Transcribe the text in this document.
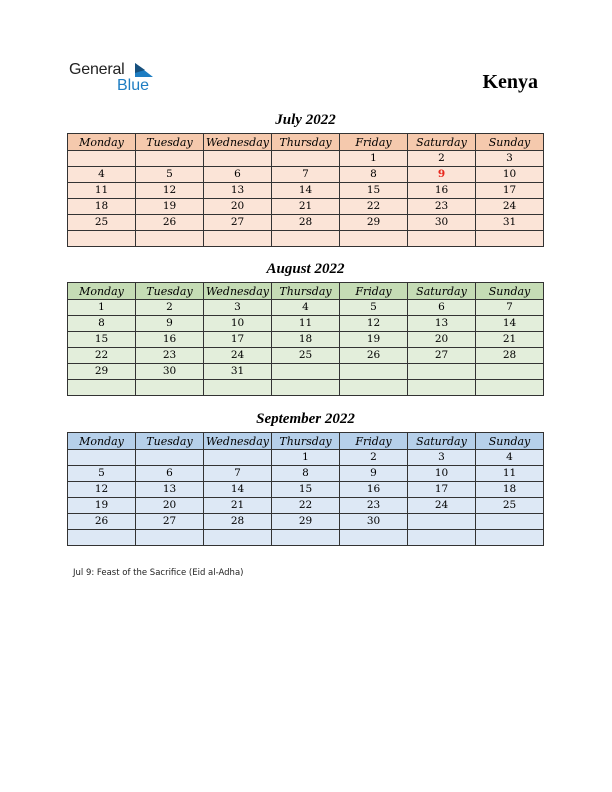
General
Blue	Kenya
July 2022
Monday	Tuesday	Wednesday	Thursday	Friday	Saturday	Sunday
				1	2	3
4	5	6	7	8	9	10
11	12	13	14	15	16	17
18	19	20	21	22	23	24
25	26	27	28	29	30	31

August 2022
Monday	Tuesday	Wednesday	Thursday	Friday	Saturday	Sunday
1	2	3	4	5	6	7
8	9	10	11	12	13	14
15	16	17	18	19	20	21
22	23	24	25	26	27	28
29	30	31				

September 2022
Monday	Tuesday	Wednesday	Thursday	Friday	Saturday	Sunday
			1	2	3	4
5	6	7	8	9	10	11
12	13	14	15	16	17	18
19	20	21	22	23	24	25
26	27	28	29	30		

Jul 9: Feast of the Sacrifice (Eid al-Adha)
